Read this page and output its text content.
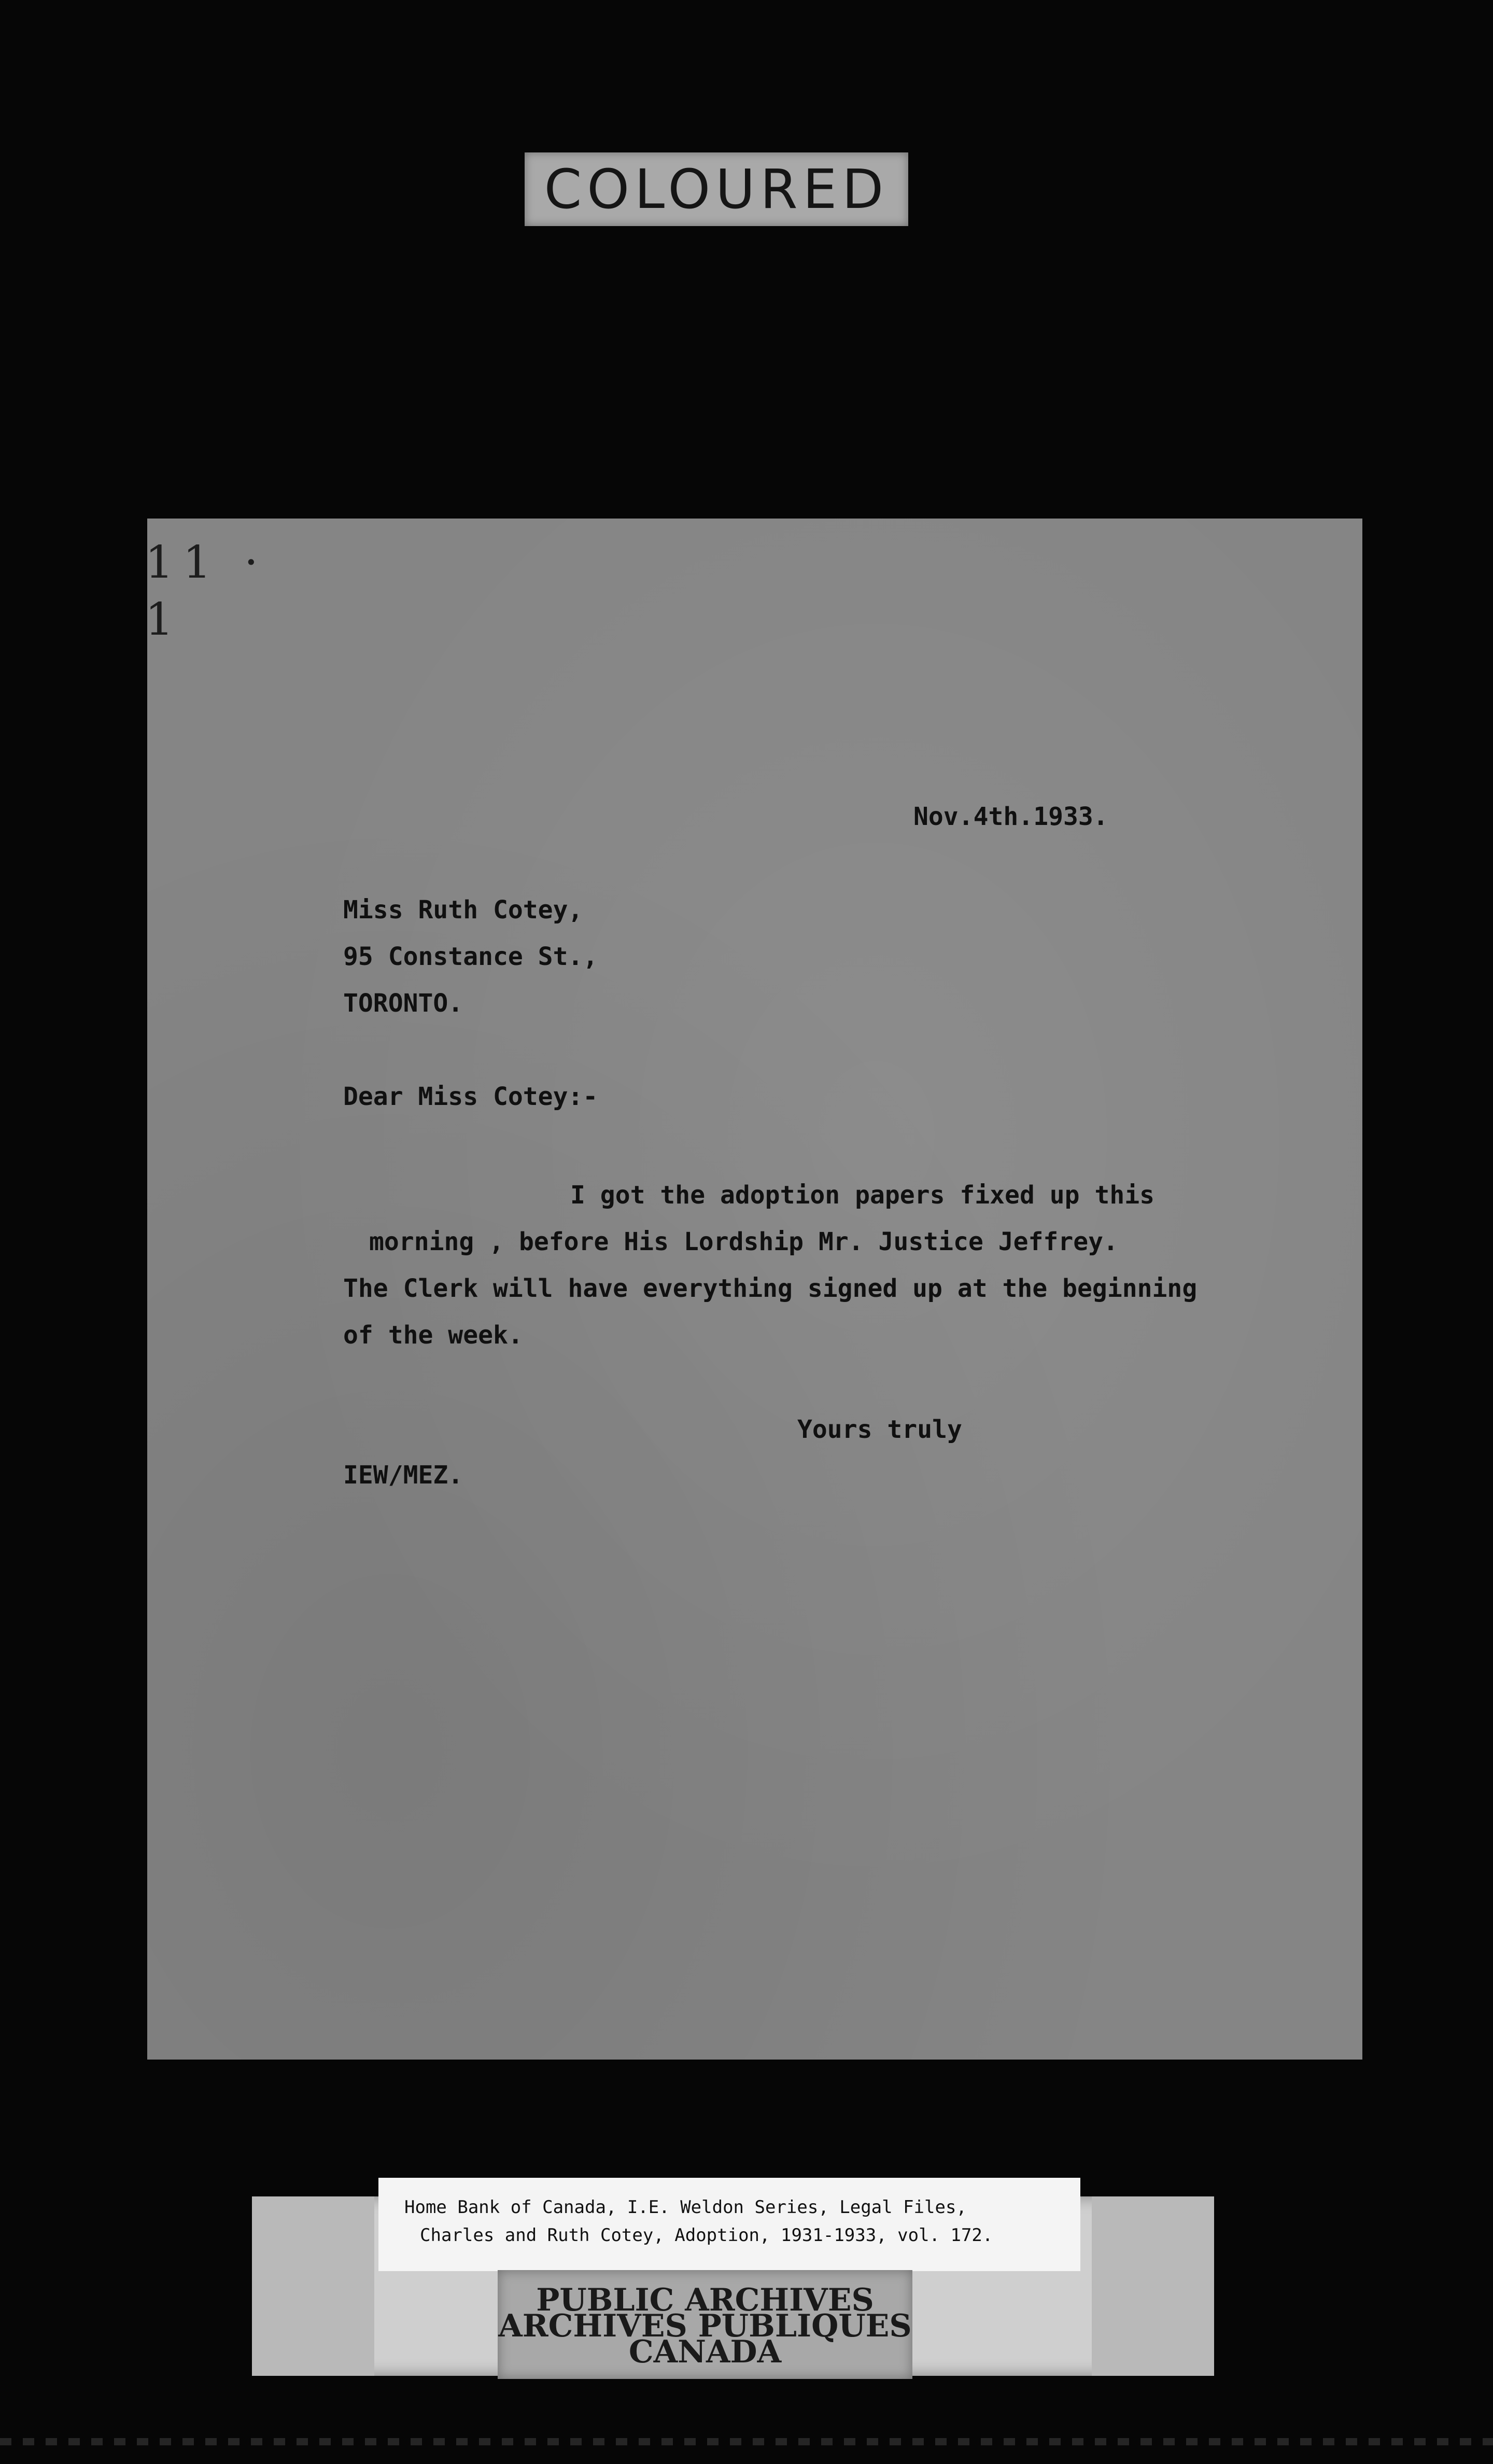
COLOURED
11 · 1
Nov.4th.1933.
Miss Ruth Cotey,
95 Constance St.,
TORONTO.
Dear Miss Cotey:-
I got the adoption papers fixed up this
morning , before His Lordship Mr. Justice Jeffrey.
The Clerk will have everything signed up at the beginning
of the week.
Yours truly
IEW/MEZ.
Home Bank of Canada, I.E. Weldon Series, Legal Files,
Charles and Ruth Cotey, Adoption, 1931-1933, vol. 172.
PUBLIC ARCHIVES
ARCHIVES PUBLIQUES
CANADA
